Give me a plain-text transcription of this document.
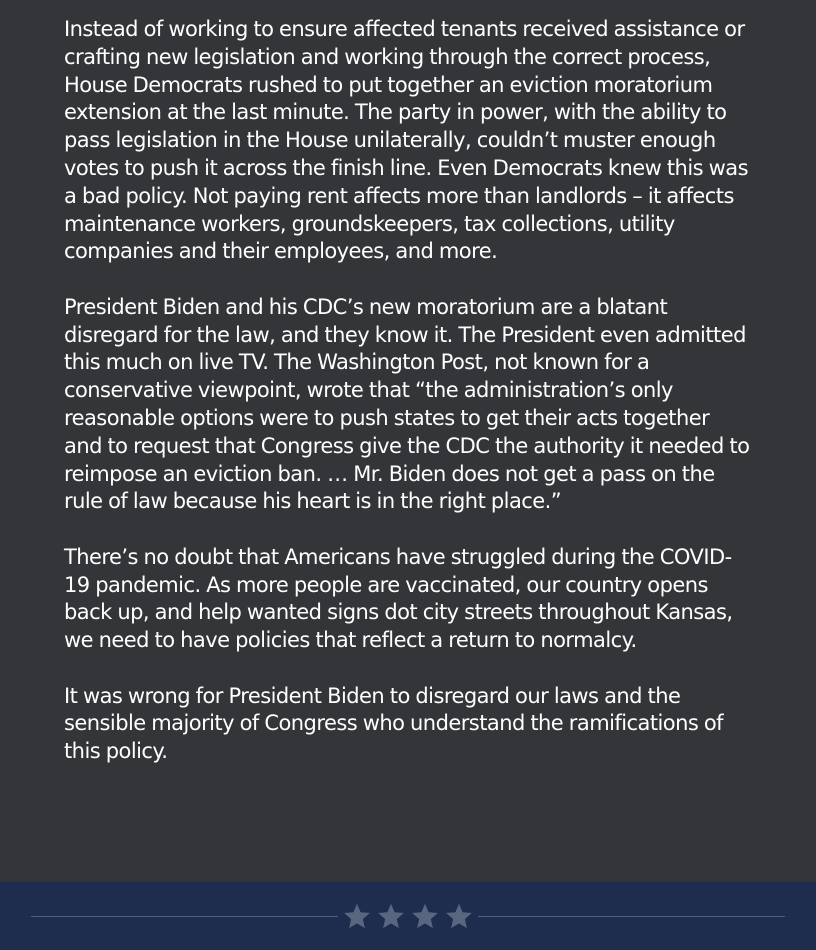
Instead of working to ensure affected tenants received assistance or crafting new legislation and working through the correct process, House Democrats rushed to put together an eviction moratorium extension at the last minute. The party in power, with the ability to pass legislation in the House unilaterally, couldn’t muster enough votes to push it across the finish line. Even Democrats knew this was a bad policy. Not paying rent affects more than landlords – it affects maintenance workers, groundskeepers, tax collections, utility companies and their employees, and more.

President Biden and his CDC’s new moratorium are a blatant disregard for the law, and they know it. The President even admitted this much on live TV. The Washington Post, not known for a conservative viewpoint, wrote that “the administration’s only reasonable options were to push states to get their acts together and to request that Congress give the CDC the authority it needed to reimpose an eviction ban. … Mr. Biden does not get a pass on the rule of law because his heart is in the right place.”

There’s no doubt that Americans have struggled during the COVID-19 pandemic. As more people are vaccinated, our country opens back up, and help wanted signs dot city streets throughout Kansas, we need to have policies that reflect a return to normalcy.

It was wrong for President Biden to disregard our laws and the sensible majority of Congress who understand the ramifications of this policy.
